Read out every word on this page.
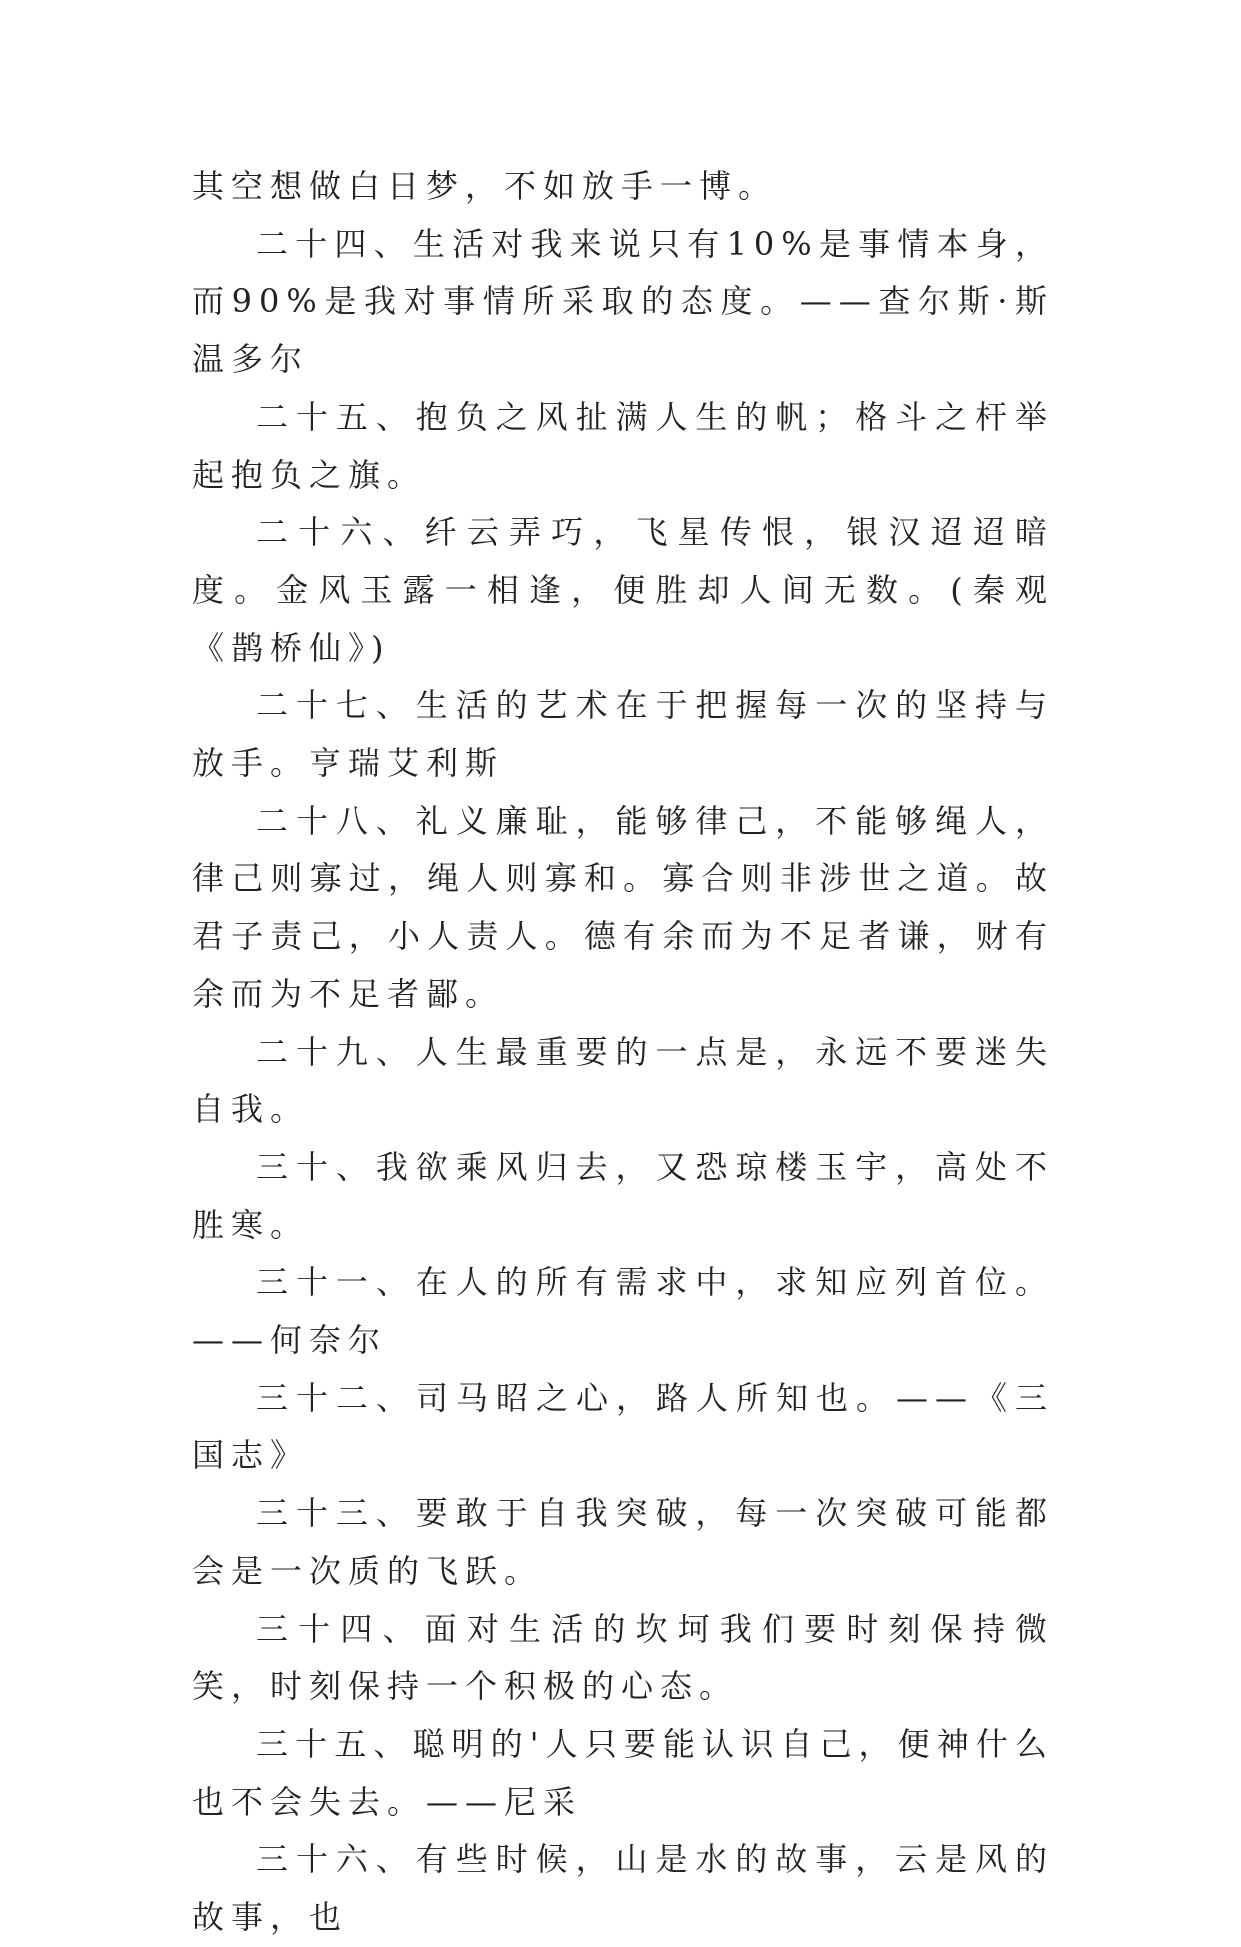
其空想做白日梦，不如放手一博。

二十四、生活对我来说只有10%是事情本身，而90%是我对事情所采取的态度。——查尔斯·斯温多尔

二十五、抱负之风扯满人生的帆；格斗之杆举起抱负之旗。

二十六、纤云弄巧，飞星传恨，银汉迢迢暗度。金风玉露一相逢，便胜却人间无数。(秦观《鹊桥仙》)

二十七、生活的艺术在于把握每一次的坚持与放手。亨瑞艾利斯

二十八、礼义廉耻，能够律己，不能够绳人，律己则寡过，绳人则寡和。寡合则非涉世之道。故君子责己，小人责人。德有余而为不足者谦，财有余而为不足者鄙。

二十九、人生最重要的一点是，永远不要迷失自我。

三十、我欲乘风归去，又恐琼楼玉宇，高处不胜寒。

三十一、在人的所有需求中，求知应列首位。——何奈尔

三十二、司马昭之心，路人所知也。——《三国志》

三十三、要敢于自我突破，每一次突破可能都会是一次质的飞跃。

三十四、面对生活的坎坷我们要时刻保持微笑，时刻保持一个积极的心态。

三十五、聪明的'人只要能认识自己，便神什么也不会失去。——尼采

三十六、有些时候，山是水的故事，云是风的故事，也
